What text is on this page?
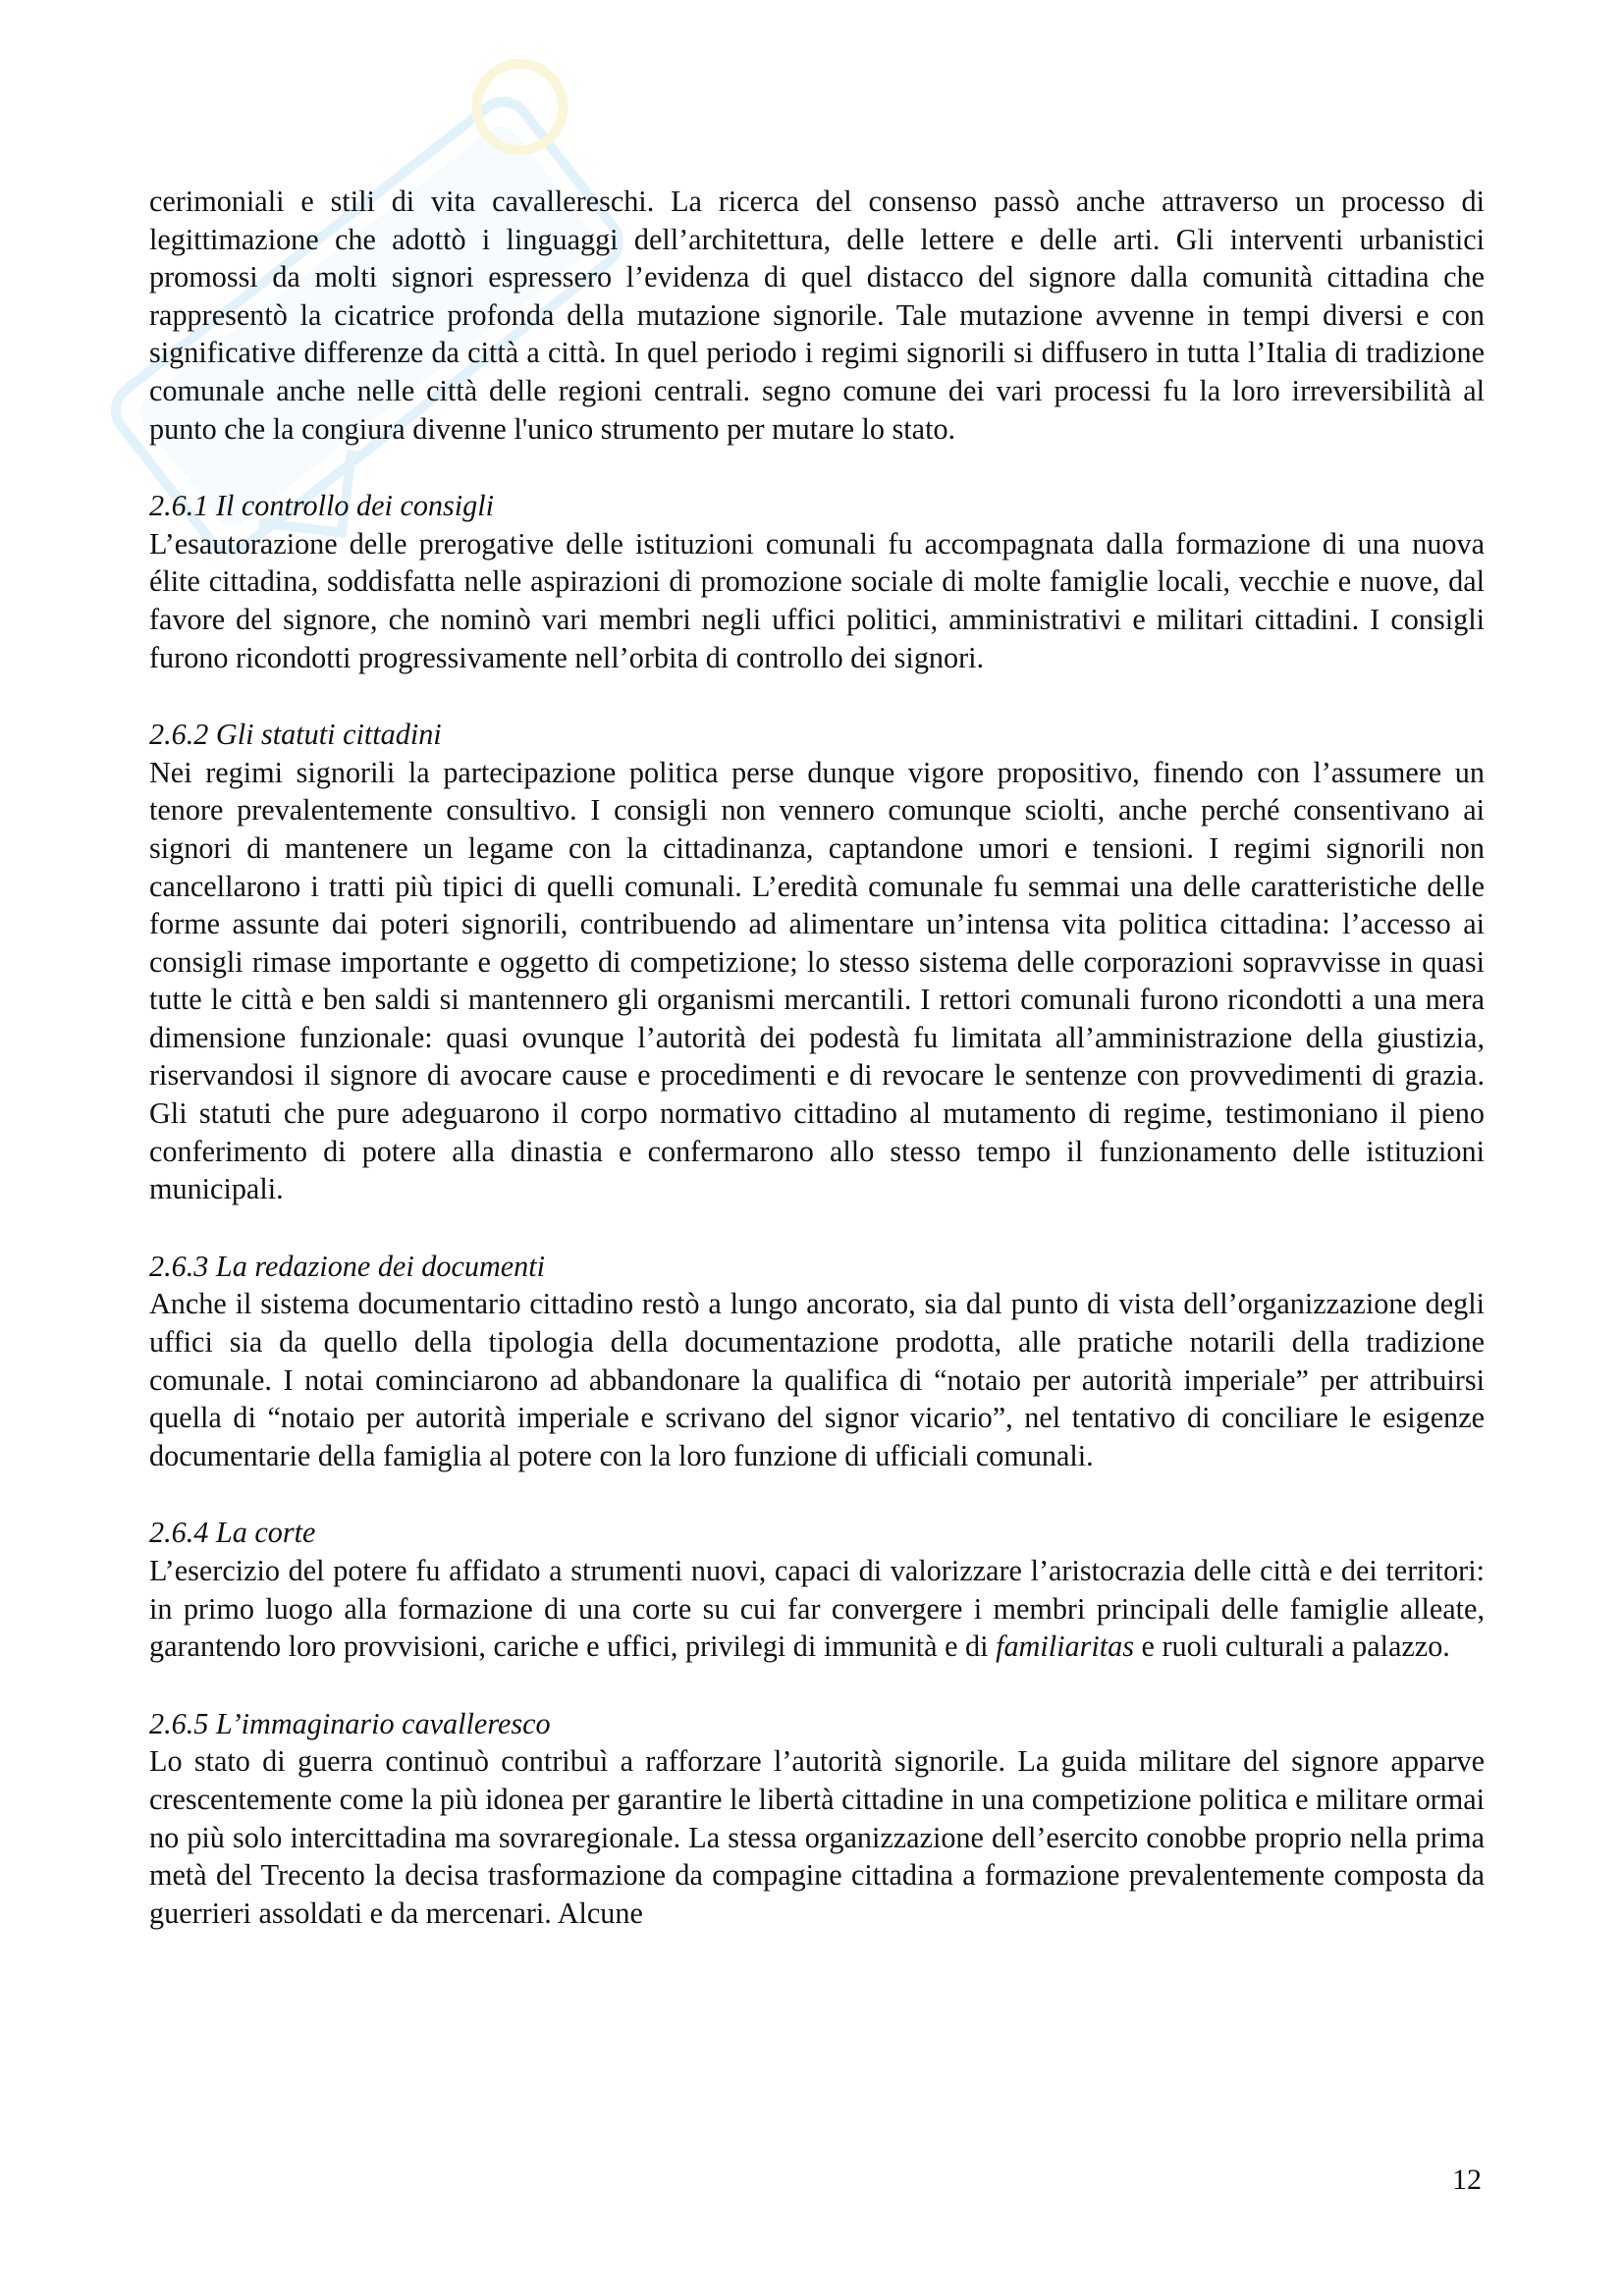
cerimoniali e stili di vita cavallereschi. La ricerca del consenso passò anche attraverso un processo di legittimazione che adottò i linguaggi dell’architettura, delle lettere e delle arti. Gli interventi urbanistici promossi da molti signori espressero l’evidenza di quel distacco del signore dalla comunità cittadina che rappresentò la cicatrice profonda della mutazione signorile. Tale mutazione avvenne in tempi diversi e con significative differenze da città a città. In quel periodo i regimi signorili si diffusero in tutta l’Italia di tradizione comunale anche nelle città delle regioni centrali. segno comune dei vari processi fu la loro irreversibilità al punto che la congiura divenne l'unico strumento per mutare lo stato.

2.6.1 Il controllo dei consigli

L’esautorazione delle prerogative delle istituzioni comunali fu accompagnata dalla formazione di una nuova élite cittadina, soddisfatta nelle aspirazioni di promozione sociale di molte famiglie locali, vecchie e nuove, dal favore del signore, che nominò vari membri negli uffici politici, amministrativi e militari cittadini. I consigli furono ricondotti progressivamente nell’orbita di controllo dei signori.

2.6.2 Gli statuti cittadini

Nei regimi signorili la partecipazione politica perse dunque vigore propositivo, finendo con l’assumere un tenore prevalentemente consultivo. I consigli non vennero comunque sciolti, anche perché consentivano ai signori di mantenere un legame con la cittadinanza, captandone umori e tensioni. I regimi signorili non cancellarono i tratti più tipici di quelli comunali. L’eredità comunale fu semmai una delle caratteristiche delle forme assunte dai poteri signorili, contribuendo ad alimentare un’intensa vita politica cittadina: l’accesso ai consigli rimase importante e oggetto di competizione; lo stesso sistema delle corporazioni sopravvisse in quasi tutte le città e ben saldi si mantennero gli organismi mercantili. I rettori comunali furono ricondotti a una mera dimensione funzionale: quasi ovunque l’autorità dei podestà fu limitata all’amministrazione della giustizia, riservandosi il signore di avocare cause e procedimenti e di revocare le sentenze con provvedimenti di grazia. Gli statuti che pure adeguarono il corpo normativo cittadino al mutamento di regime, testimoniano il pieno conferimento di potere alla dinastia e confermarono allo stesso tempo il funzionamento delle istituzioni municipali.

2.6.3 La redazione dei documenti

Anche il sistema documentario cittadino restò a lungo ancorato, sia dal punto di vista dell’organizzazione degli uffici sia da quello della tipologia della documentazione prodotta, alle pratiche notarili della tradizione comunale. I notai cominciarono ad abbandonare la qualifica di “notaio per autorità imperiale” per attribuirsi quella di “notaio per autorità imperiale e scrivano del signor vicario”, nel tentativo di conciliare le esigenze documentarie della famiglia al potere con la loro funzione di ufficiali comunali.

2.6.4 La corte

L’esercizio del potere fu affidato a strumenti nuovi, capaci di valorizzare l’aristocrazia delle città e dei territori: in primo luogo alla formazione di una corte su cui far convergere i membri principali delle famiglie alleate, garantendo loro provvisioni, cariche e uffici, privilegi di immunità e di familiaritas e ruoli culturali a palazzo.

2.6.5 L’immaginario cavalleresco

Lo stato di guerra continuò contribuì a rafforzare l’autorità signorile. La guida militare del signore apparve crescentemente come la più idonea per garantire le libertà cittadine in una competizione politica e militare ormai no più solo intercittadina ma sovraregionale. La stessa organizzazione dell’esercito conobbe proprio nella prima metà del Trecento la decisa trasformazione da compagine cittadina a formazione prevalentemente composta da guerrieri assoldati e da mercenari. Alcune

12
